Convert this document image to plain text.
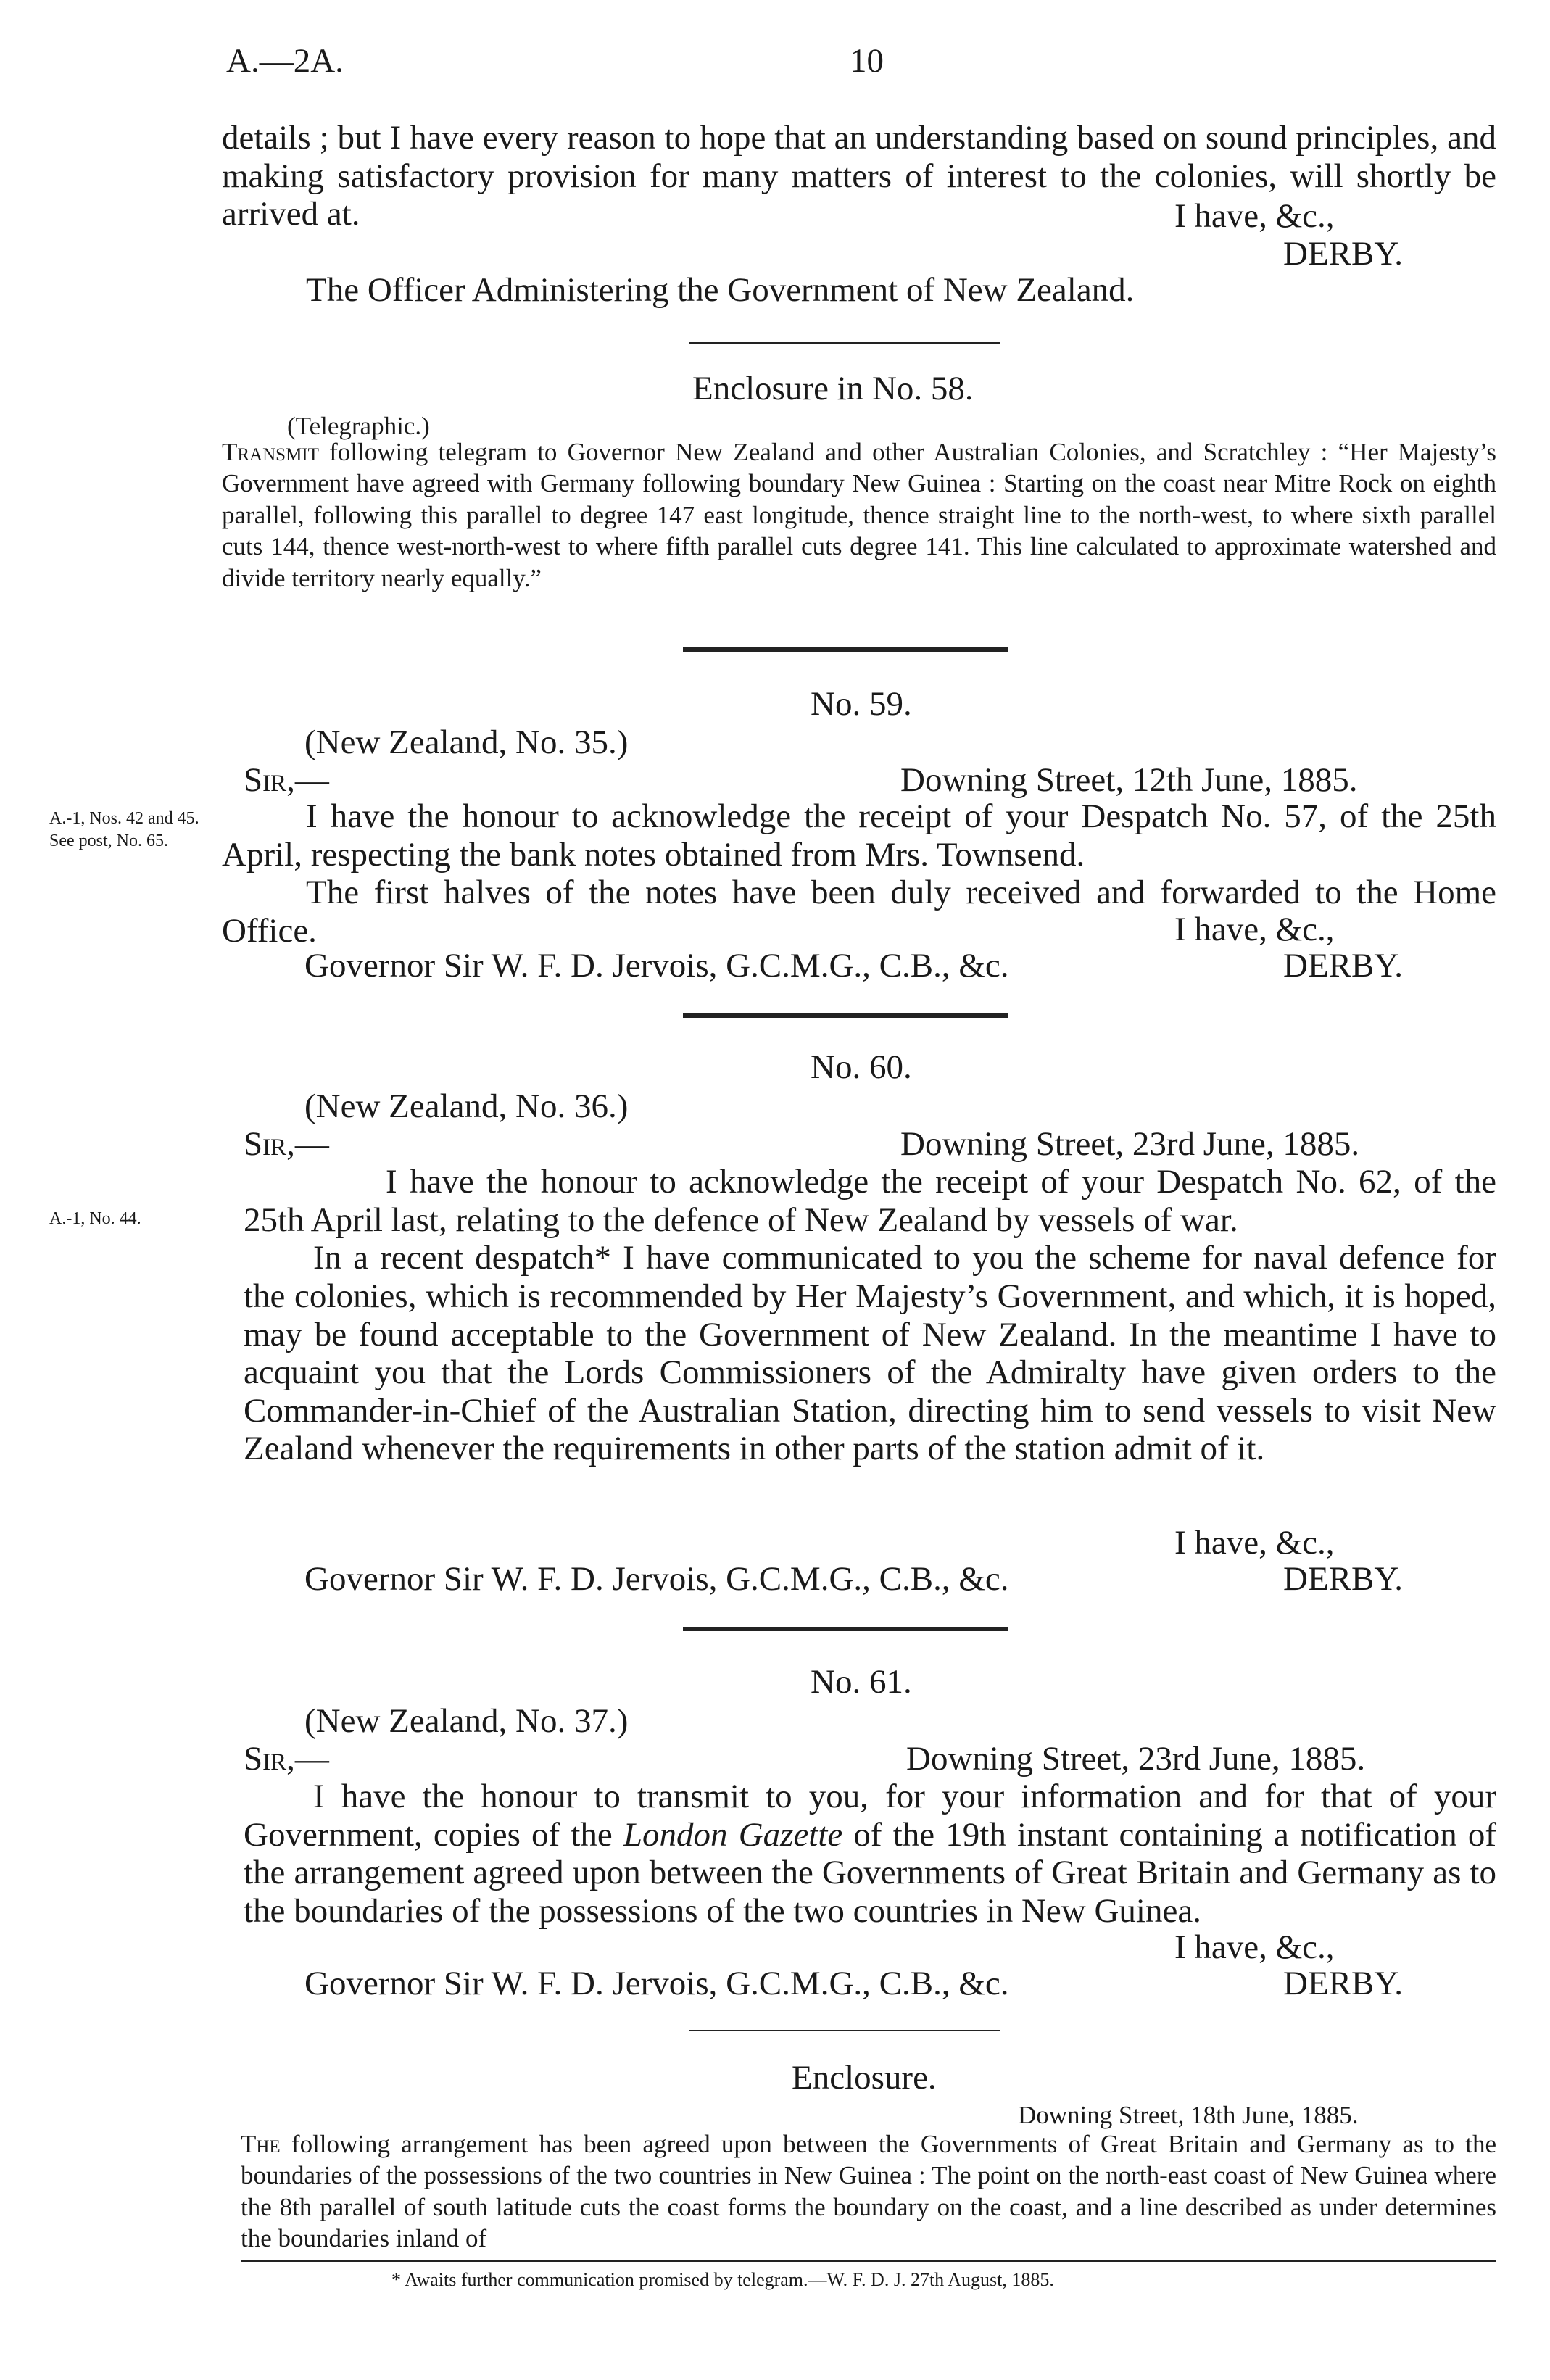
A.—2A.	10

details ; but I have every reason to hope that an understanding based on sound principles, and making satisfactory provision for many matters of interest to the colonies, will shortly be arrived at.	I have, &c.,
DERBY.
The Officer Administering the Government of New Zealand.
Enclosure in No. 58.
(Telegraphic.)

Transmit following telegram to Governor New Zealand and other Australian Colonies, and Scratchley : “Her Majesty’s Government have agreed with Germany following boundary New Guinea : Starting on the coast near Mitre Rock on eighth parallel, following this parallel to degree 147 east longitude, thence straight line to the north-west, to where sixth parallel cuts 144, thence west-north-west to where fifth parallel cuts degree 141. This line calculated to approximate watershed and divide territory nearly equally.”

No. 59.
(New Zealand, No. 35.)
Sir,—	Downing Street, 12th June, 1885.
A.-1, Nos. 42 and 45.
See post, No. 65.

I have the honour to acknowledge the receipt of your Despatch No. 57, of the 25th April, respecting the bank notes obtained from Mrs. Townsend.

The first halves of the notes have been duly received and forwarded to the Home Office.	I have, &c.,
Governor Sir W. F. D. Jervois, G.C.M.G., C.B., &c.	DERBY.
No. 60.
(New Zealand, No. 36.)
Sir,—	Downing Street, 23rd June, 1885.
A.-1, No. 44.

I have the honour to acknowledge the receipt of your Despatch No. 62, of the 25th April last, relating to the defence of New Zealand by vessels of war.

In a recent despatch* I have communicated to you the scheme for naval defence for the colonies, which is recommended by Her Majesty’s Government, and which, it is hoped, may be found acceptable to the Government of New Zealand. In the meantime I have to acquaint you that the Lords Commissioners of the Admiralty have given orders to the Commander-in-Chief of the Australian Station, directing him to send vessels to visit New Zealand whenever the requirements in other parts of the station admit of it.

I have, &c.,
Governor Sir W. F. D. Jervois, G.C.M.G., C.B., &c.	DERBY.
No. 61.
(New Zealand, No. 37.)
Sir,—	Downing Street, 23rd June, 1885.

I have the honour to transmit to you, for your information and for that of your Government, copies of the London Gazette of the 19th instant containing a notification of the arrangement agreed upon between the Governments of Great Britain and Germany as to the boundaries of the possessions of the two countries in New Guinea.

I have, &c.,
Governor Sir W. F. D. Jervois, G.C.M.G., C.B., &c.	DERBY.
Enclosure.
Downing Street, 18th June, 1885.

The following arrangement has been agreed upon between the Governments of Great Britain and Germany as to the boundaries of the possessions of the two countries in New Guinea : The point on the north-east coast of New Guinea where the 8th parallel of south latitude cuts the coast forms the boundary on the coast, and a line described as under determines the boundaries inland of

* Awaits further communication promised by telegram.—W. F. D. J. 27th August, 1885.
